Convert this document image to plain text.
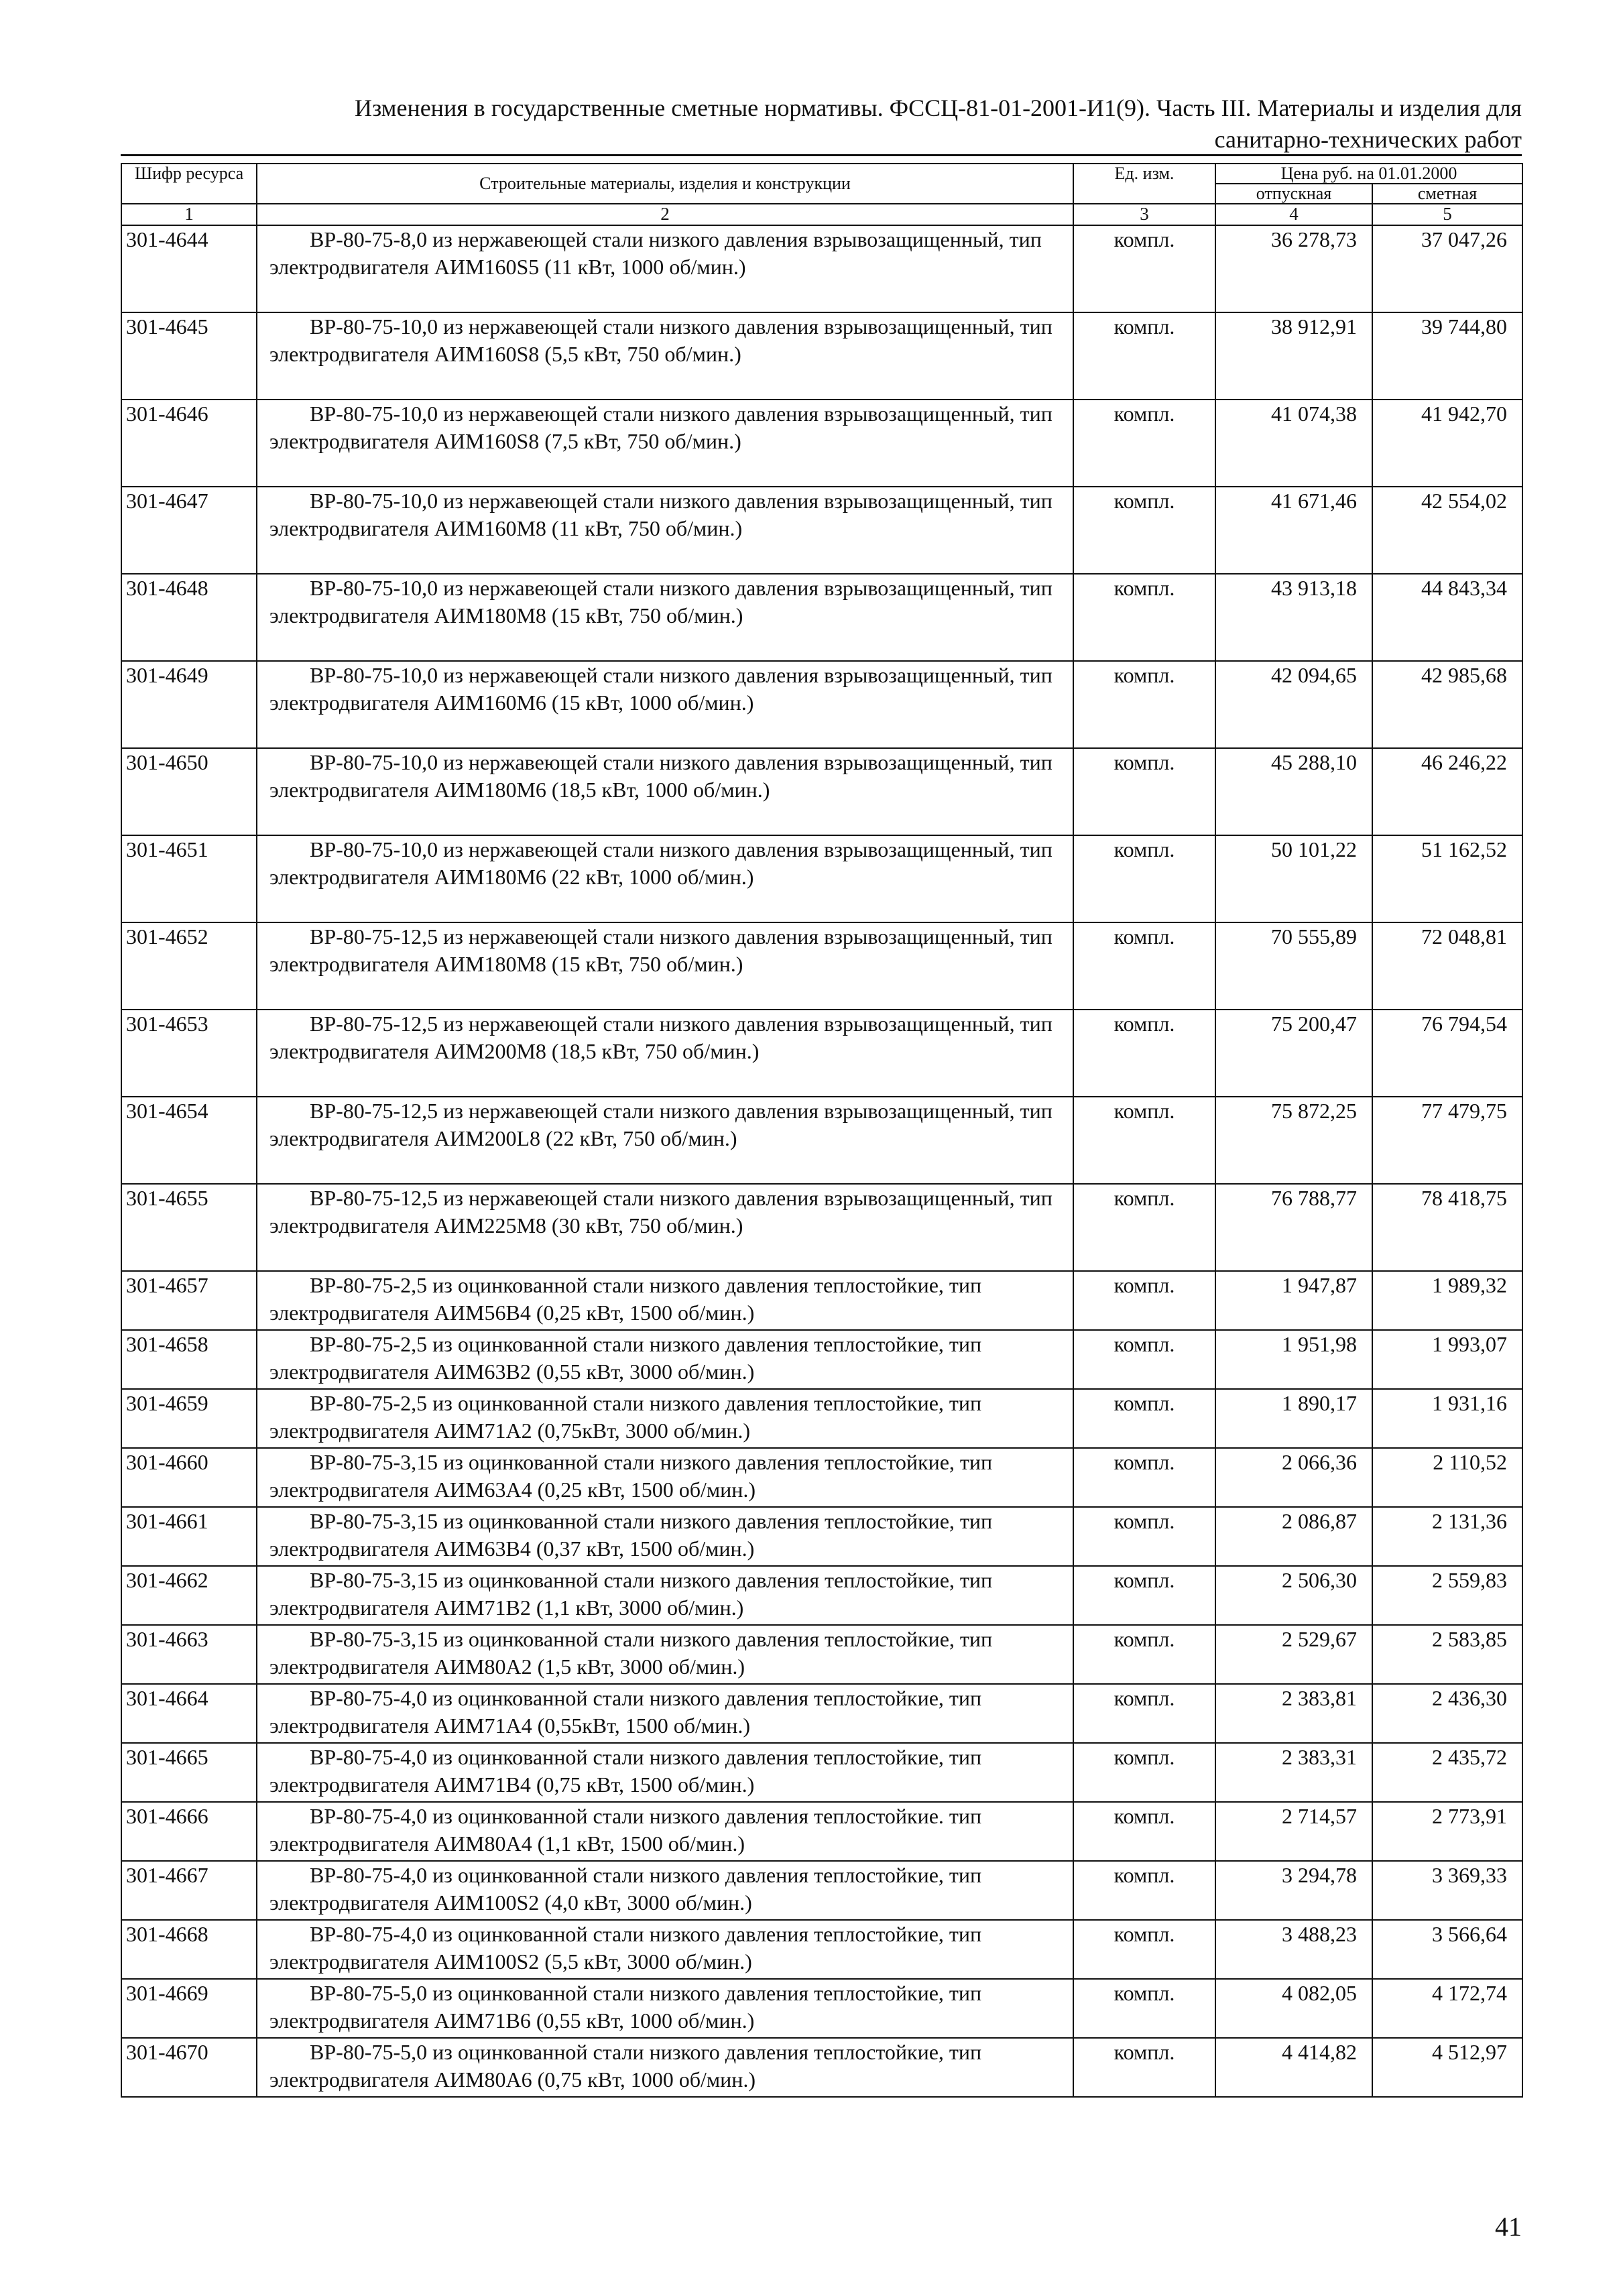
Изменения в государственные сметные нормативы. ФССЦ-81-01-2001-И1(9). Часть III. Материалы и изделия для
санитарно-технических работ
Шифр ресурса	Строительные материалы, изделия и конструкции	Ед. изм.	Цена руб. на 01.01.2000	
			отпускная	сметная
1	2	3	4	5
301-4644	ВР-80-75-8,0 из нержавеющей стали низкого давления взрывозащищенный, тип электродвигателя АИМ160S5 (11 кВт, 1000 об/мин.)	компл.	36 278,73	37 047,26
301-4645	ВР-80-75-10,0 из нержавеющей стали низкого давления взрывозащищенный, тип электродвигателя АИМ160S8 (5,5 кВт, 750 об/мин.)	компл.	38 912,91	39 744,80
301-4646	ВР-80-75-10,0 из нержавеющей стали низкого давления взрывозащищенный, тип электродвигателя АИМ160S8 (7,5 кВт, 750 об/мин.)	компл.	41 074,38	41 942,70
301-4647	ВР-80-75-10,0 из нержавеющей стали низкого давления взрывозащищенный, тип электродвигателя АИМ160М8 (11 кВт, 750 об/мин.)	компл.	41 671,46	42 554,02
301-4648	ВР-80-75-10,0 из нержавеющей стали низкого давления взрывозащищенный, тип электродвигателя АИМ180М8 (15 кВт, 750 об/мин.)	компл.	43 913,18	44 843,34
301-4649	ВР-80-75-10,0 из нержавеющей стали низкого давления взрывозащищенный, тип электродвигателя АИМ160М6 (15 кВт, 1000 об/мин.)	компл.	42 094,65	42 985,68
301-4650	ВР-80-75-10,0 из нержавеющей стали низкого давления взрывозащищенный, тип электродвигателя АИМ180М6 (18,5 кВт, 1000 об/мин.)	компл.	45 288,10	46 246,22
301-4651	ВР-80-75-10,0 из нержавеющей стали низкого давления взрывозащищенный, тип электродвигателя АИМ180М6 (22 кВт, 1000 об/мин.)	компл.	50 101,22	51 162,52
301-4652	ВР-80-75-12,5 из нержавеющей стали низкого давления взрывозащищенный, тип электродвигателя АИМ180М8 (15 кВт, 750 об/мин.)	компл.	70 555,89	72 048,81
301-4653	ВР-80-75-12,5 из нержавеющей стали низкого давления взрывозащищенный, тип электродвигателя АИМ200М8 (18,5 кВт, 750 об/мин.)	компл.	75 200,47	76 794,54
301-4654	ВР-80-75-12,5 из нержавеющей стали низкого давления взрывозащищенный, тип электродвигателя АИМ200L8 (22 кВт, 750 об/мин.)	компл.	75 872,25	77 479,75
301-4655	ВР-80-75-12,5 из нержавеющей стали низкого давления взрывозащищенный, тип электродвигателя АИМ225М8 (30 кВт, 750 об/мин.)	компл.	76 788,77	78 418,75
301-4657	ВР-80-75-2,5 из оцинкованной стали низкого давления теплостойкие, тип электродвигателя АИМ56В4 (0,25 кВт, 1500 об/мин.)	компл.	1 947,87	1 989,32
301-4658	ВР-80-75-2,5 из оцинкованной стали низкого давления теплостойкие, тип электродвигателя АИМ63В2 (0,55 кВт, 3000 об/мин.)	компл.	1 951,98	1 993,07
301-4659	ВР-80-75-2,5 из оцинкованной стали низкого давления теплостойкие, тип электродвигателя АИМ71А2 (0,75кВт, 3000 об/мин.)	компл.	1 890,17	1 931,16
301-4660	ВР-80-75-3,15 из оцинкованной стали низкого давления теплостойкие, тип электродвигателя АИМ63А4 (0,25 кВт, 1500 об/мин.)	компл.	2 066,36	2 110,52
301-4661	ВР-80-75-3,15 из оцинкованной стали низкого давления теплостойкие, тип электродвигателя АИМ63В4 (0,37 кВт, 1500 об/мин.)	компл.	2 086,87	2 131,36
301-4662	ВР-80-75-3,15 из оцинкованной стали низкого давления теплостойкие, тип электродвигателя АИМ71В2 (1,1 кВт, 3000 об/мин.)	компл.	2 506,30	2 559,83
301-4663	ВР-80-75-3,15 из оцинкованной стали низкого давления теплостойкие, тип электродвигателя АИМ80А2 (1,5 кВт, 3000 об/мин.)	компл.	2 529,67	2 583,85
301-4664	ВР-80-75-4,0 из оцинкованной стали низкого давления теплостойкие, тип электродвигателя АИМ71А4 (0,55кВт, 1500 об/мин.)	компл.	2 383,81	2 436,30
301-4665	ВР-80-75-4,0 из оцинкованной стали низкого давления теплостойкие, тип электродвигателя АИМ71В4 (0,75 кВт, 1500 об/мин.)	компл.	2 383,31	2 435,72
301-4666	ВР-80-75-4,0 из оцинкованной стали низкого давления теплостойкие. тип электродвигателя АИМ80А4 (1,1 кВт, 1500 об/мин.)	компл.	2 714,57	2 773,91
301-4667	ВР-80-75-4,0 из оцинкованной стали низкого давления теплостойкие, тип электродвигателя АИМ100S2 (4,0 кВт, 3000 об/мин.)	компл.	3 294,78	3 369,33
301-4668	ВР-80-75-4,0 из оцинкованной стали низкого давления теплостойкие, тип электродвигателя АИМ100S2 (5,5 кВт, 3000 об/мин.)	компл.	3 488,23	3 566,64
301-4669	ВР-80-75-5,0 из оцинкованной стали низкого давления теплостойкие, тип электродвигателя АИМ71В6 (0,55 кВт, 1000 об/мин.)	компл.	4 082,05	4 172,74
301-4670	ВР-80-75-5,0 из оцинкованной стали низкого давления теплостойкие, тип электродвигателя АИМ80А6 (0,75 кВт, 1000 об/мин.)	компл.	4 414,82	4 512,97
41
